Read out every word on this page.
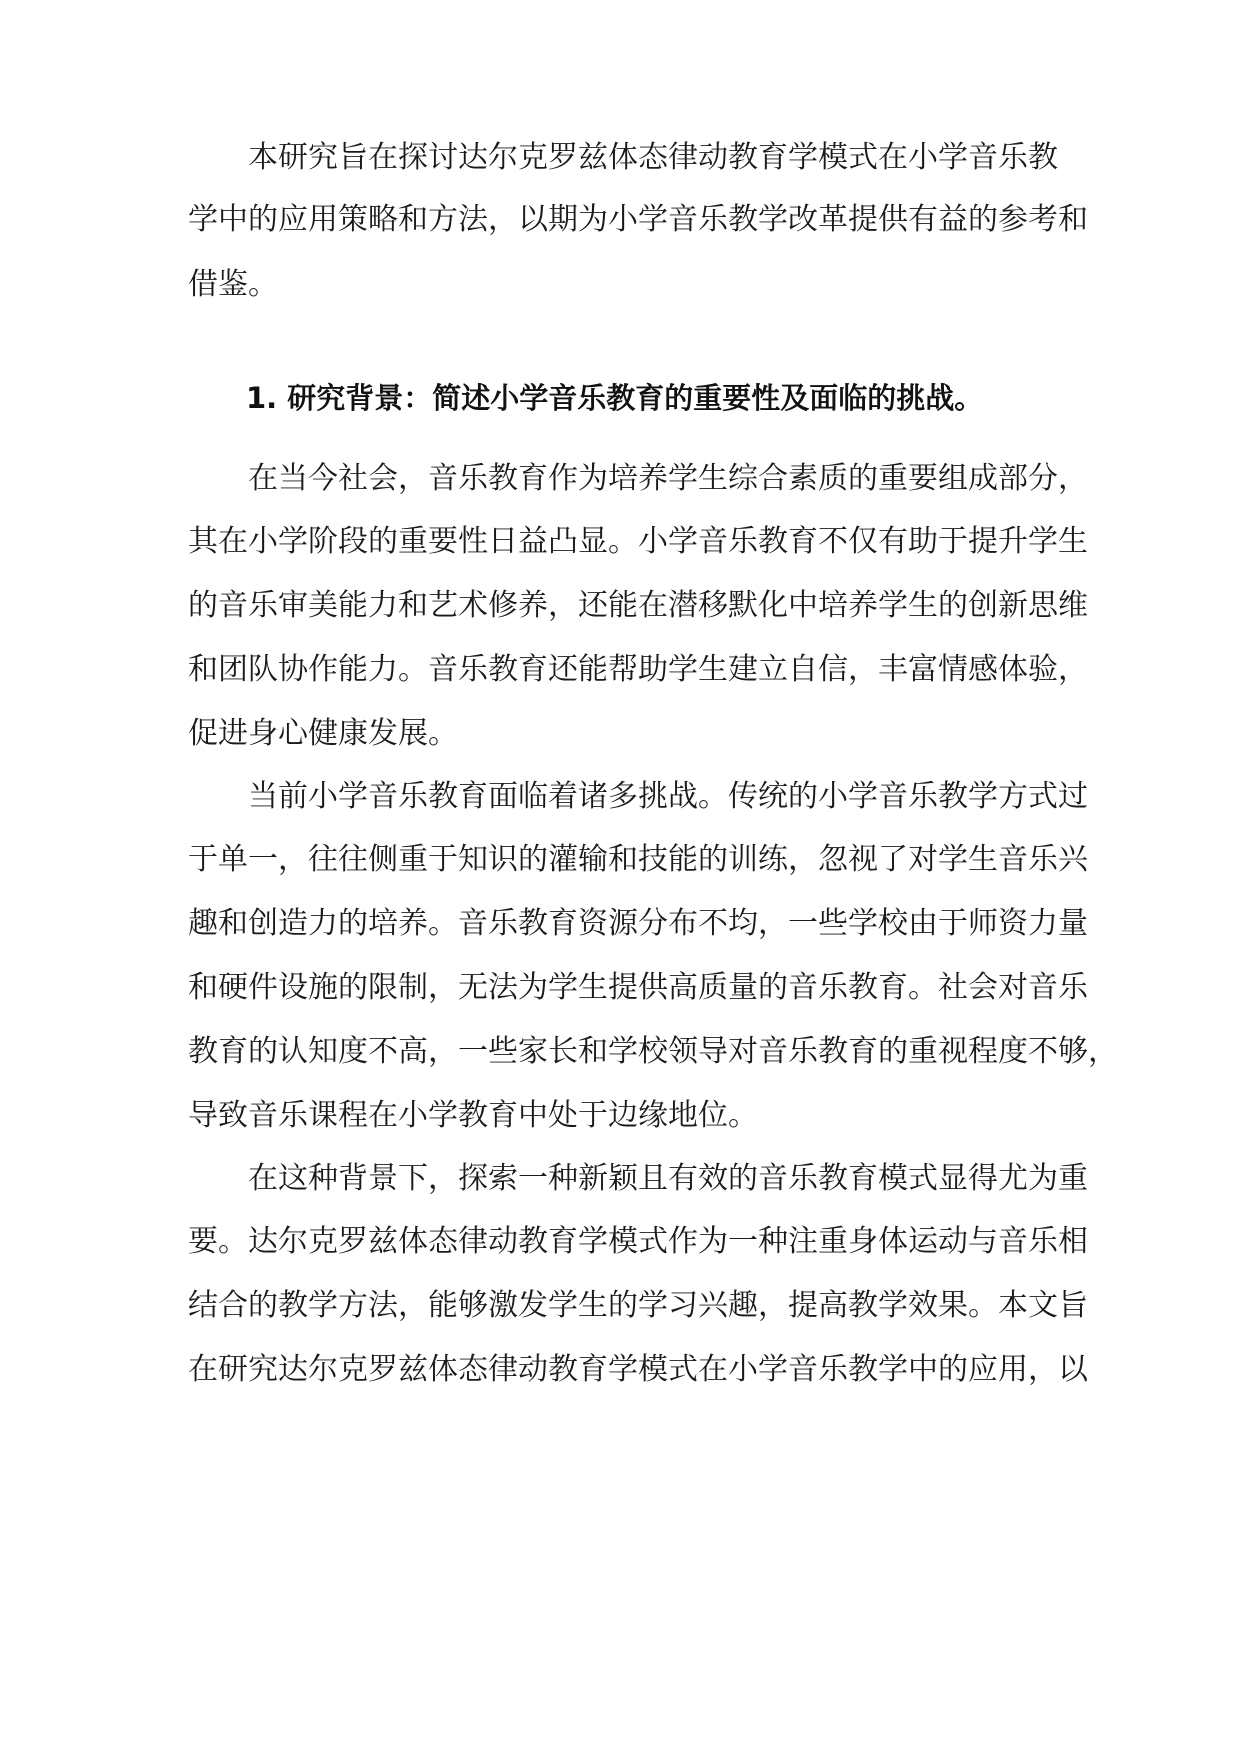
本研究旨在探讨达尔克罗兹体态律动教育学模式在小学音乐教
学中的应用策略和方法，以期为小学音乐教学改革提供有益的参考和
借鉴。
1. 研究背景：简述小学音乐教育的重要性及面临的挑战。
在当今社会，音乐教育作为培养学生综合素质的重要组成部分，
其在小学阶段的重要性日益凸显。小学音乐教育不仅有助于提升学生
的音乐审美能力和艺术修养，还能在潜移默化中培养学生的创新思维
和团队协作能力。音乐教育还能帮助学生建立自信，丰富情感体验，
促进身心健康发展。
当前小学音乐教育面临着诸多挑战。传统的小学音乐教学方式过
于单一，往往侧重于知识的灌输和技能的训练，忽视了对学生音乐兴
趣和创造力的培养。音乐教育资源分布不均，一些学校由于师资力量
和硬件设施的限制，无法为学生提供高质量的音乐教育。社会对音乐
教育的认知度不高，一些家长和学校领导对音乐教育的重视程度不够，
导致音乐课程在小学教育中处于边缘地位。
在这种背景下，探索一种新颖且有效的音乐教育模式显得尤为重
要。达尔克罗兹体态律动教育学模式作为一种注重身体运动与音乐相
结合的教学方法，能够激发学生的学习兴趣，提高教学效果。本文旨
在研究达尔克罗兹体态律动教育学模式在小学音乐教学中的应用，以
